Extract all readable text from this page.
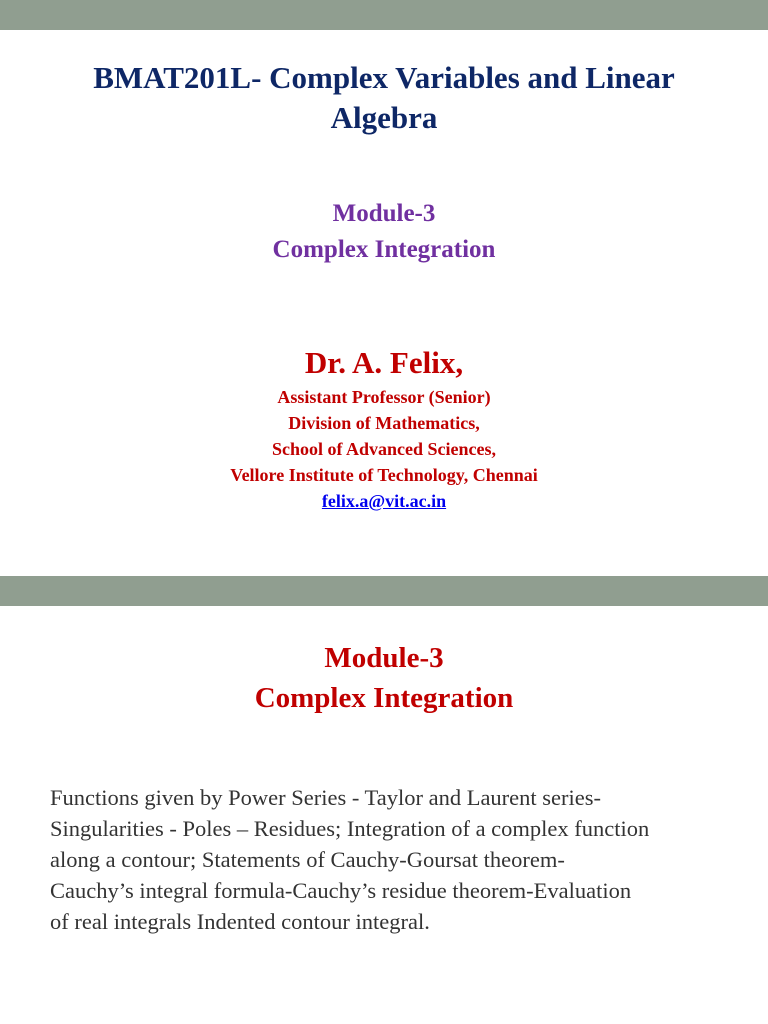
BMAT201L- Complex Variables and Linear
Algebra
Module-3
Complex Integration
Dr. A. Felix,
Assistant Professor (Senior)
Division of Mathematics,
School of Advanced Sciences,
Vellore Institute of Technology, Chennai
felix.a@vit.ac.in
Module-3
Complex Integration
Functions given by Power Series - Taylor and Laurent series-
Singularities - Poles – Residues; Integration of a complex function
along a contour; Statements of Cauchy-Goursat theorem-
Cauchy’s integral formula-Cauchy’s residue theorem-Evaluation
of real integrals Indented contour integral.
